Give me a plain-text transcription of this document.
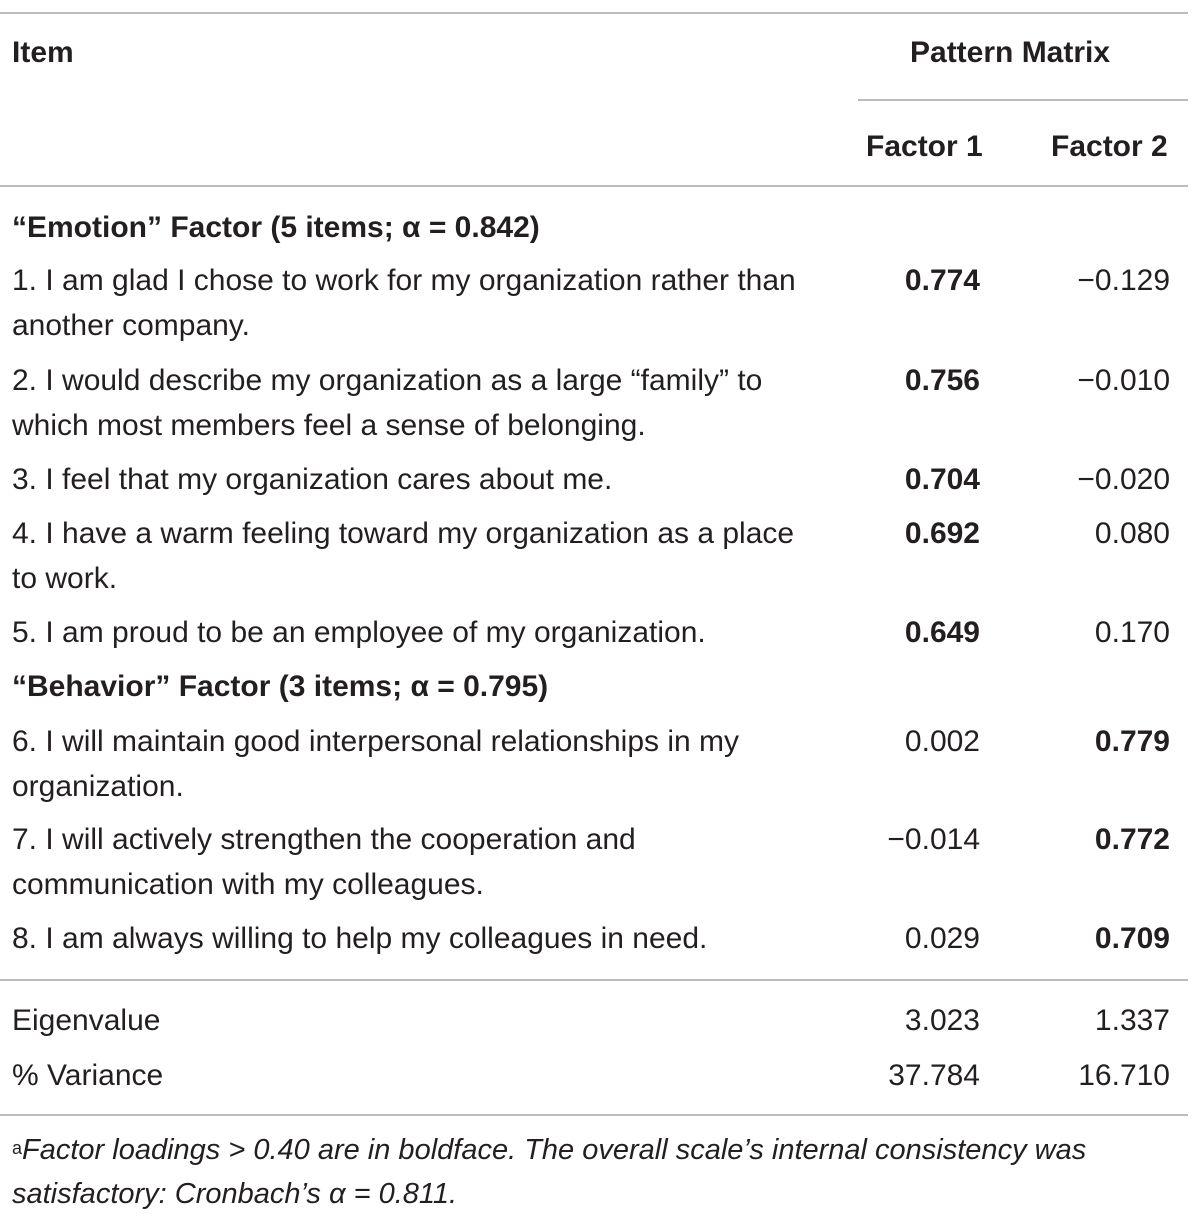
Item	Pattern Matrix
Factor 1 Factor 2
“Emotion” Factor (5 items; α = 0.842)
1. I am glad I chose to work for my organization rather than another company.
0.774	−0.129
2. I would describe my organization as a large “family” to which most members feel a sense of belonging.
0.756	−0.010
3. I feel that my organization cares about me.	0.704	−0.020
4. I have a warm feeling toward my organization as a place to work.
0.692	0.080
5. I am proud to be an employee of my organization.	0.649	0.170
“Behavior” Factor (3 items; α = 0.795)
6. I will maintain good interpersonal relationships in my organization.
0.002	0.779
7. I will actively strengthen the cooperation and communication with my colleagues.
−0.014	0.772
8. I am always willing to help my colleagues in need.	0.029	0.709
Eigenvalue	3.023	1.337
% Variance	37.784	16.710
$^a$Factor loadings > 0.40 are in boldface. The overall scale’s internal consistency was satisfactory: Cronbach’s α = 0.811.
